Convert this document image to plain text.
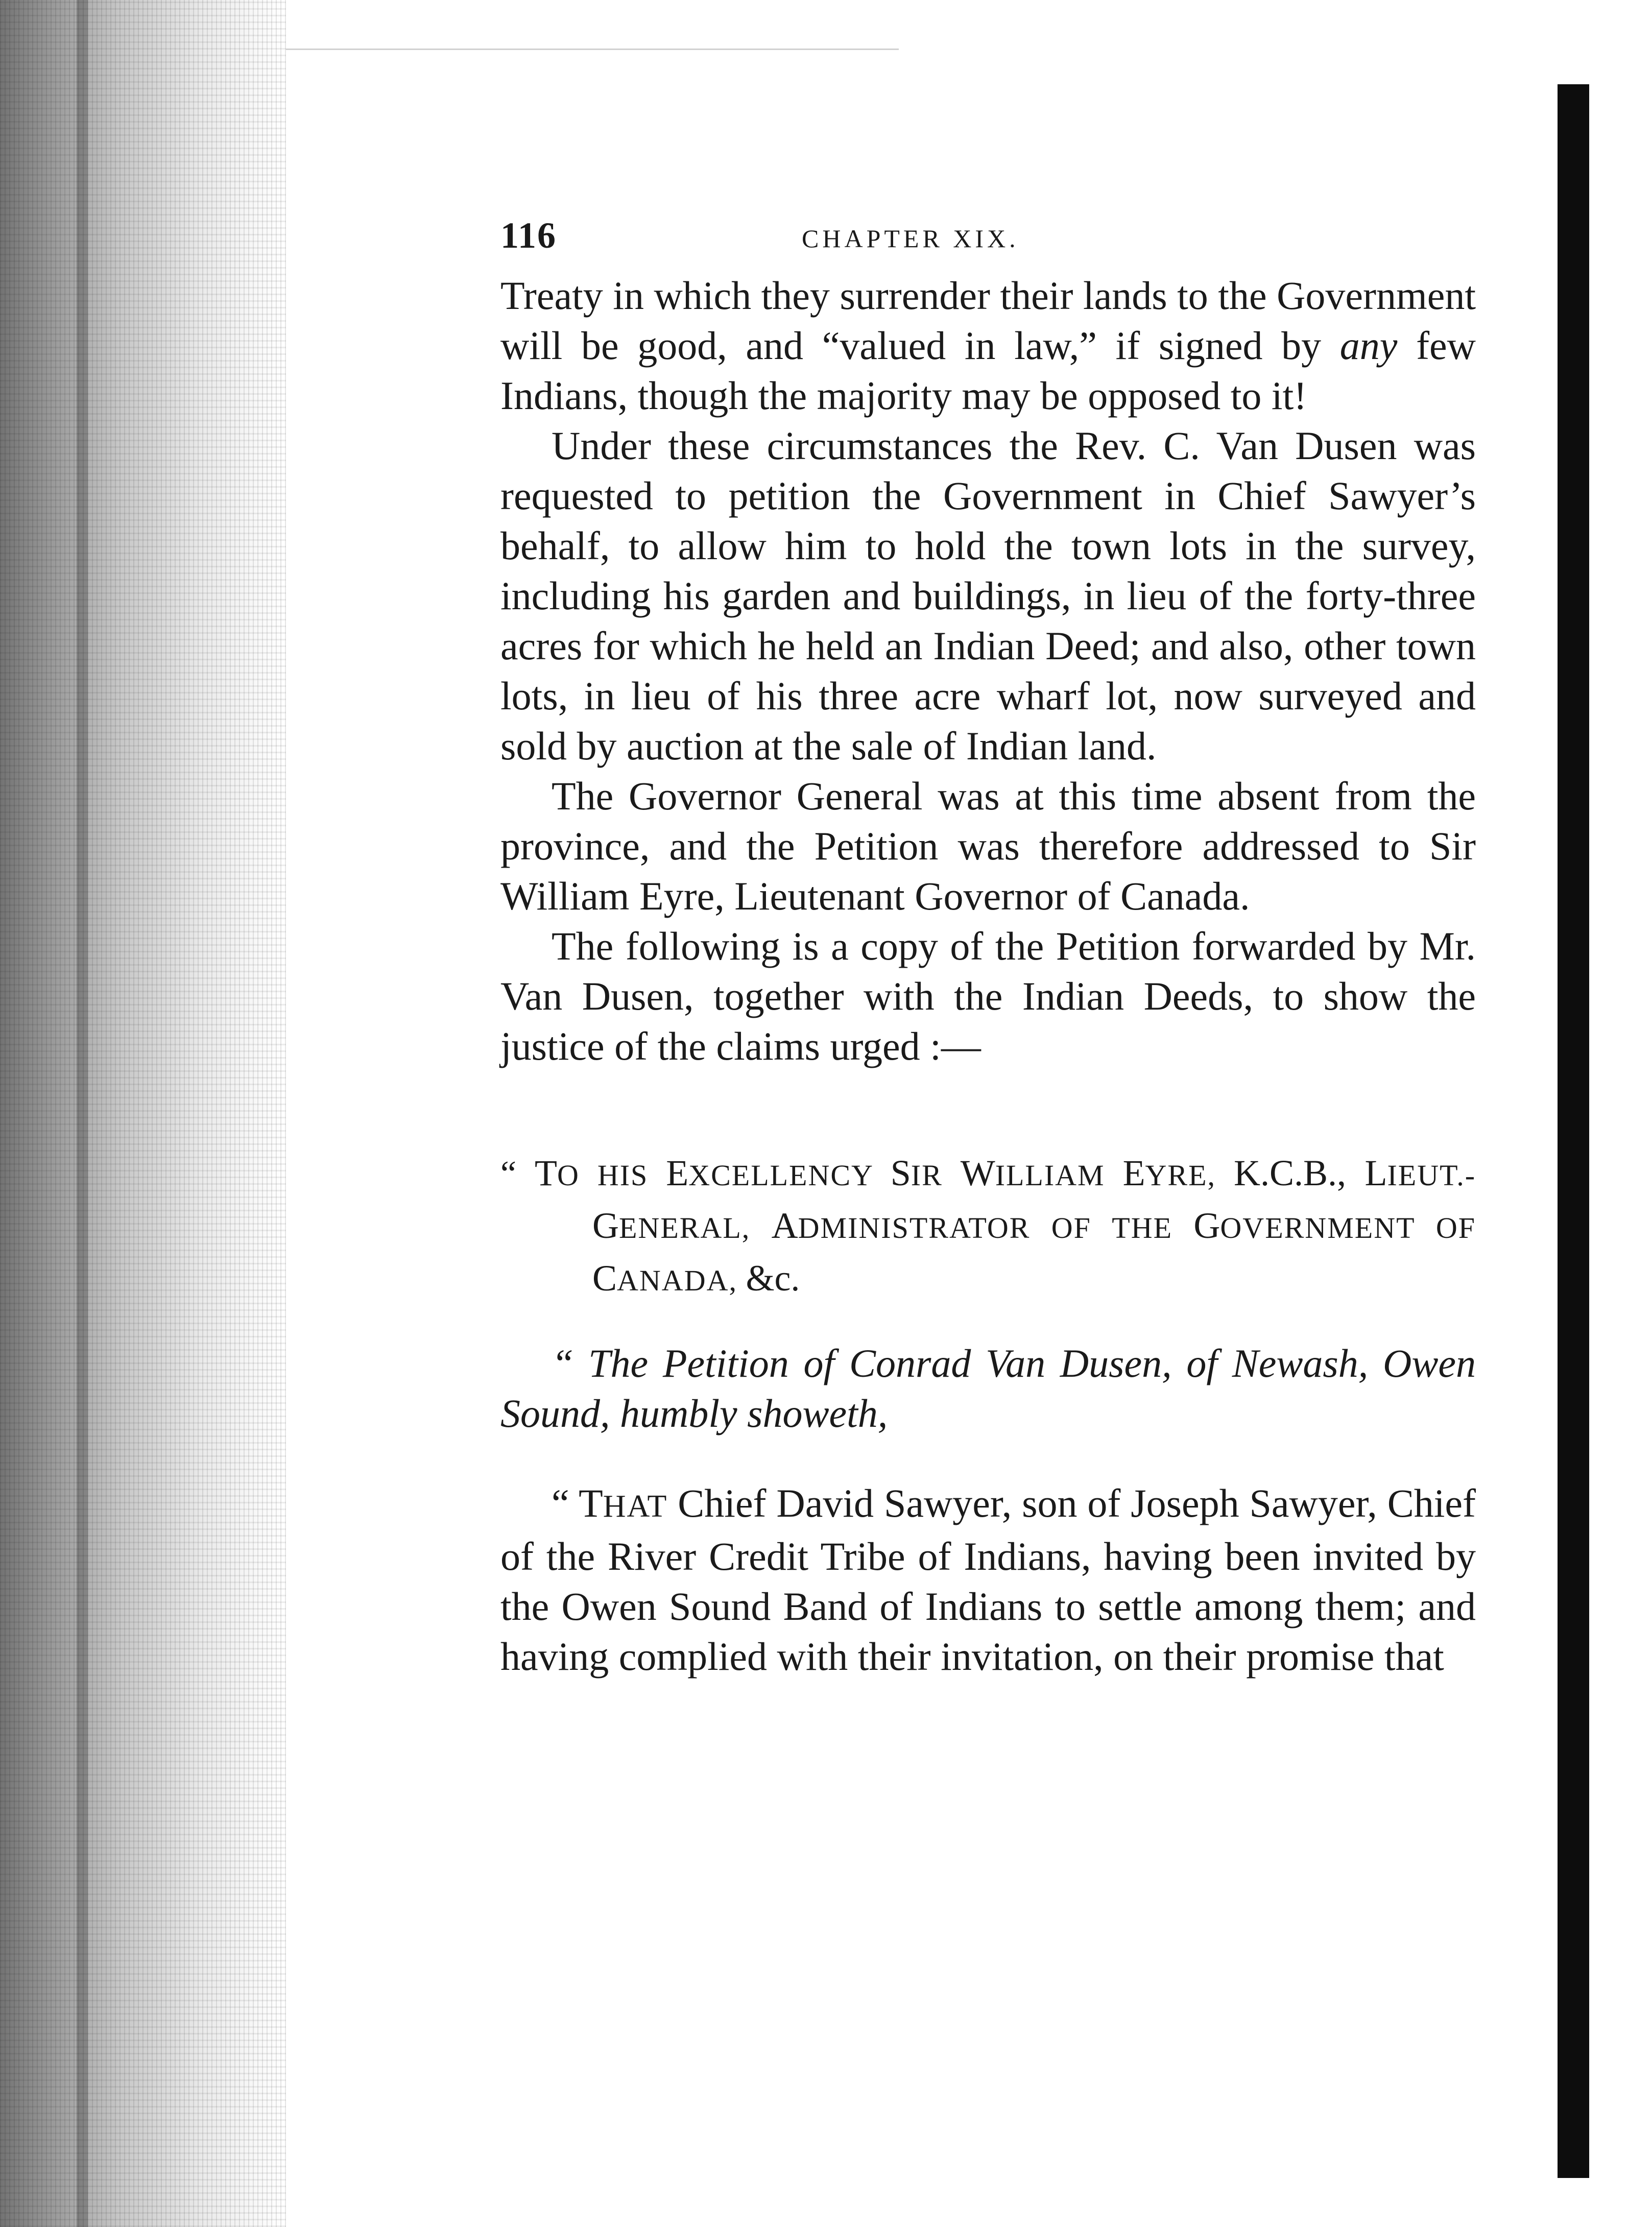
116	CHAPTER XIX.

Treaty in which they surrender their lands to the Government will be good, and “valued in law,” if signed by any few Indians, though the majority may be opposed to it!

Under these circumstances the Rev. C. Van Dusen was requested to petition the Government in Chief Sawyer’s behalf, to allow him to hold the town lots in the survey, including his garden and buildings, in lieu of the forty-three acres for which he held an Indian Deed; and also, other town lots, in lieu of his three acre wharf lot, now surveyed and sold by auction at the sale of Indian land.

The Governor General was at this time absent from the province, and the Petition was therefore addressed to Sir William Eyre, Lieutenant Governor of Canada.

The following is a copy of the Petition forwarded by Mr. Van Dusen, together with the Indian Deeds, to show the justice of the claims urged :—

“ TO HIS EXCELLENCY SIR WILLIAM EYRE, K.C.B., LIEUT.-GENERAL, ADMINISTRATOR OF THE GOVERNMENT OF CANADA, &c.

“ The Petition of Conrad Van Dusen, of Newash, Owen Sound, humbly showeth,

“ THAT Chief David Sawyer, son of Joseph Sawyer, Chief of the River Credit Tribe of Indians, having been invited by the Owen Sound Band of Indians to settle among them; and having complied with their invitation, on their promise that
